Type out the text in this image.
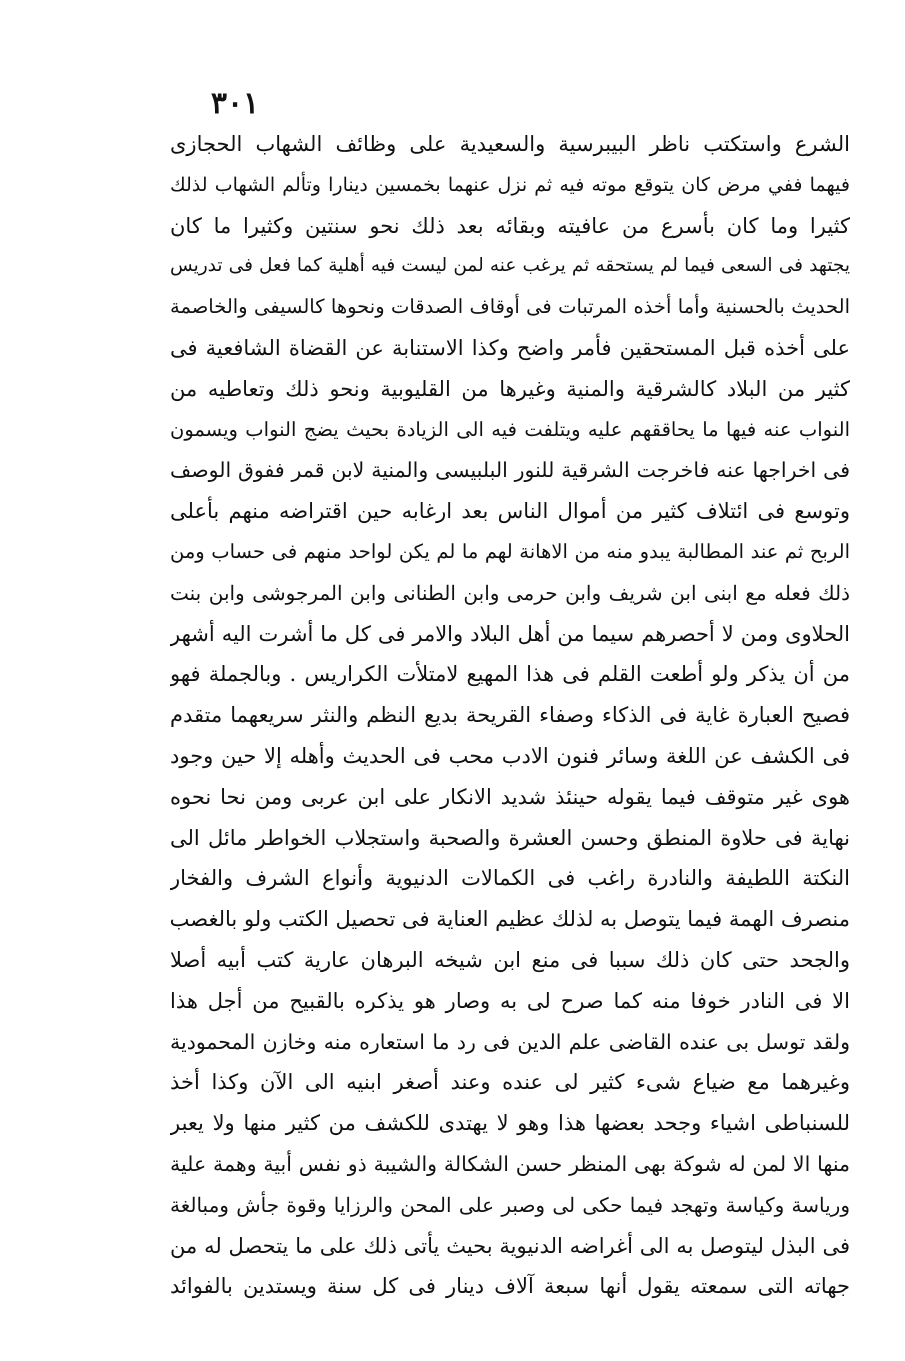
٣٠١
الشرع واستكتب ناظر البيبرسية والسعيدية على وظائف الشهاب الحجازى
فيهما ففي مرض كان يتوقع موته فيه ثم نزل عنهما بخمسين دينارا وتألم الشهاب لذلك
كثيرا وما كان بأسرع من عافيته وبقائه بعد ذلك نحو سنتين وكثيرا ما كان
يجتهد فى السعى فيما لم يستحقه ثم يرغب عنه لمن ليست فيه أهلية كما فعل فى تدريس
الحديث بالحسنية وأما أخذه المرتبات فى أوقاف الصدقات ونحوها كالسيفى والخاصمة
على أخذه قبل المستحقين فأمر واضح وكذا الاستنابة عن القضاة الشافعية فى
كثير من البلاد كالشرقية والمنية وغيرها من القليوبية ونحو ذلك وتعاطيه من
النواب عنه فيها ما يحاققهم عليه ويتلفت فيه الى الزيادة بحيث يضج النواب ويسمون
فى اخراجها عنه فاخرجت الشرقية للنور البلبيسى والمنية لابن قمر ففوق الوصف
وتوسع فى ائتلاف كثير من أموال الناس بعد ارغابه حين اقتراضه منهم بأعلى
الربح ثم عند المطالبة يبدو منه من الاهانة لهم ما لم يكن لواحد منهم فى حساب ومن
ذلك فعله مع ابنى ابن شريف وابن حرمى وابن الطنانى وابن المرجوشى وابن بنت
الحلاوى ومن لا أحصرهم سيما من أهل البلاد والامر فى كل ما أشرت اليه أشهر
من أن يذكر ولو أطعت القلم فى هذا المهيع لامتلأت الكراريس . وبالجملة فهو
فصيح العبارة غاية فى الذكاء وصفاء القريحة بديع النظم والنثر سريعهما متقدم
فى الكشف عن اللغة وسائر فنون الادب محب فى الحديث وأهله إلا حين وجود
هوى غير متوقف فيما يقوله حينئذ شديد الانكار على ابن عربى ومن نحا نحوه
نهاية فى حلاوة المنطق وحسن العشرة والصحبة واستجلاب الخواطر مائل الى
النكتة اللطيفة والنادرة راغب فى الكمالات الدنيوية وأنواع الشرف والفخار
منصرف الهمة فيما يتوصل به لذلك عظيم العناية فى تحصيل الكتب ولو بالغصب
والجحد حتى كان ذلك سببا فى منع ابن شيخه البرهان عارية كتب أبيه أصلا
الا فى النادر خوفا منه كما صرح لى به وصار هو يذكره بالقبيح من أجل هذا
ولقد توسل بى عنده القاضى علم الدين فى رد ما استعاره منه وخازن المحمودية
وغيرهما مع ضياع شىء كثير لى عنده وعند أصغر ابنيه الى الآن وكذا أخذ
للسنباطى اشياء وجحد بعضها هذا وهو لا يهتدى للكشف من كثير منها ولا يعبر
منها الا لمن له شوكة بهى المنظر حسن الشكالة والشيبة ذو نفس أبية وهمة علية
ورياسة وكياسة وتهجد فيما حكى لى وصبر على المحن والرزايا وقوة جأش ومبالغة
فى البذل ليتوصل به الى أغراضه الدنيوية بحيث يأتى ذلك على ما يتحصل له من
جهاته التى سمعته يقول أنها سبعة آلاف دينار فى كل سنة ويستدين بالفوائد
